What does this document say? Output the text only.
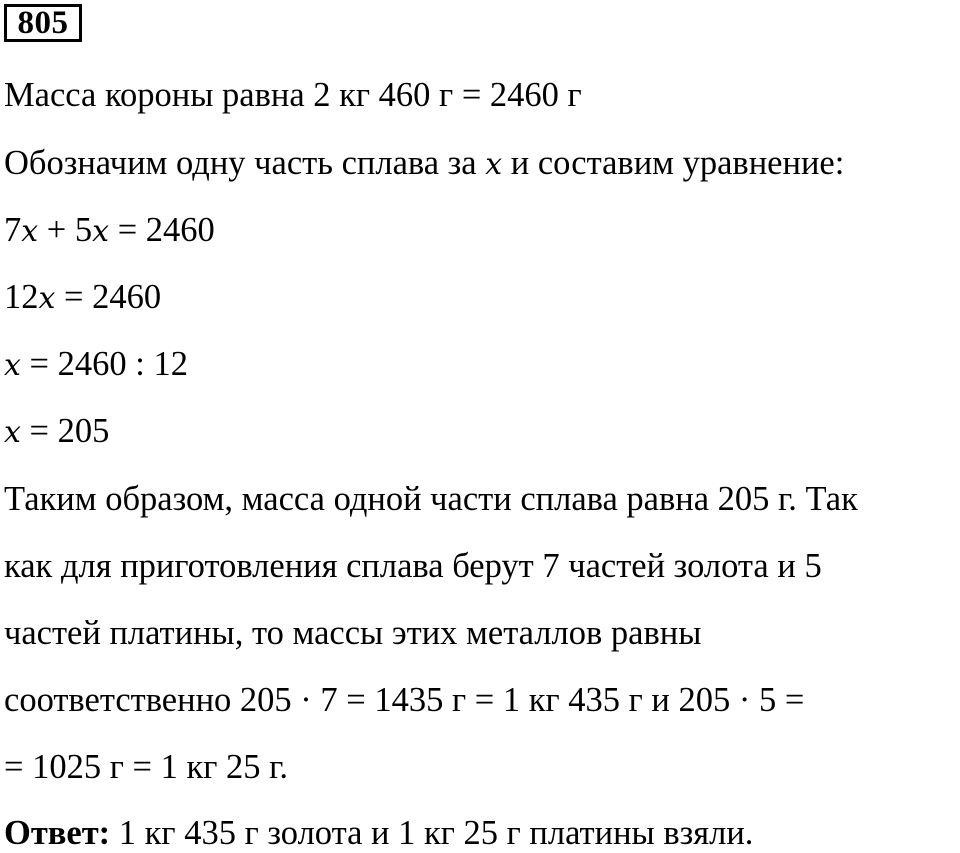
805
Масса короны равна 2 кг 460 г = 2460 г
Обозначим одну часть сплава за x и составим уравнение:
7x + 5x = 2460
12x = 2460
x = 2460 : 12
x = 205
Таким образом, масса одной части сплава равна 205 г. Так
как для приготовления сплава берут 7 частей золота и 5
частей платины, то массы этих металлов равны
соответственно 205 · 7 = 1435 г = 1 кг 435 г и 205 · 5 =
= 1025 г = 1 кг 25 г.
Ответ: 1 кг 435 г золота и 1 кг 25 г платины взяли.
